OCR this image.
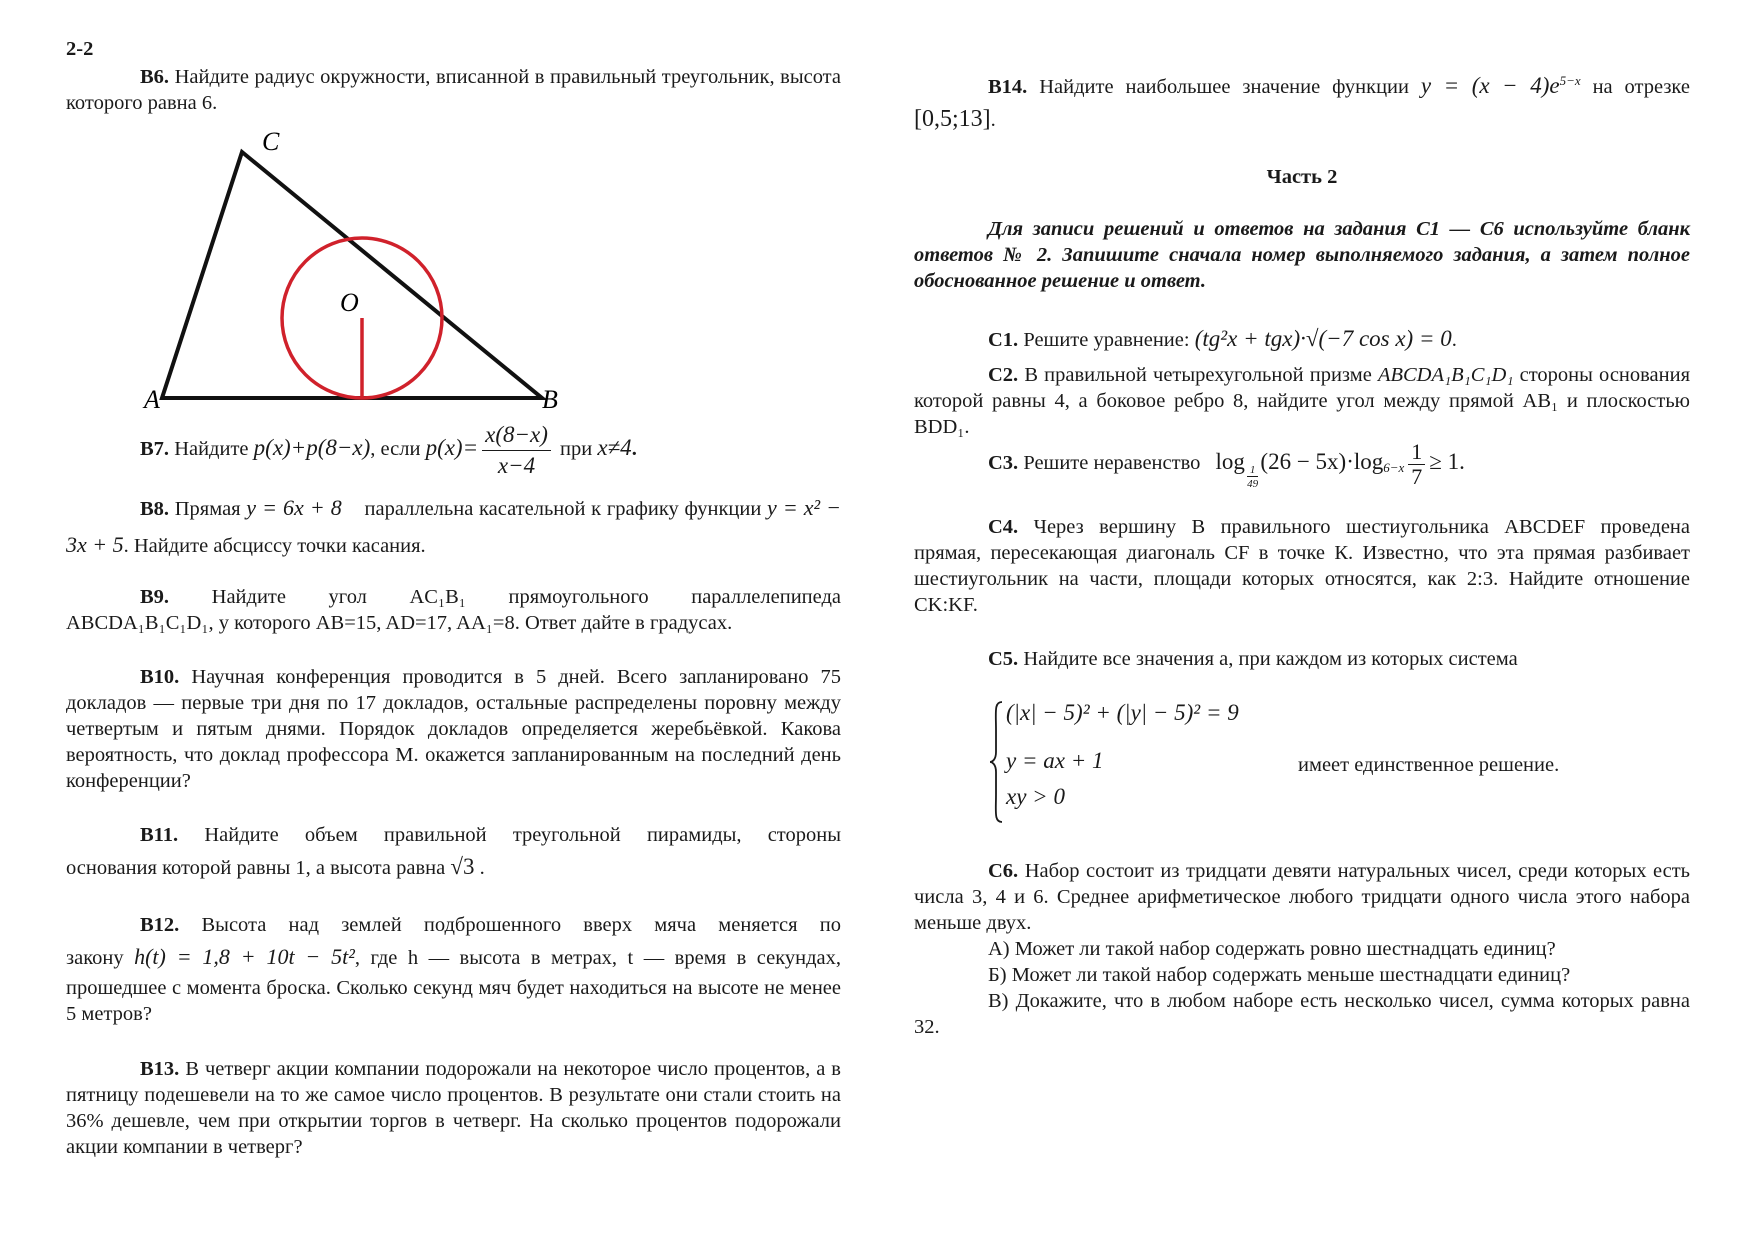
2-2

B6. Найдите радиус окружности, вписанной в правильный треугольник, высота которого равна 6.

C
O
A	B
B7. Найдите p(x)+p(8−x), если $p(x)= \frac{x(8-x)}{x-4}$ при x≠4.

B8. Прямая y = 6x + 8 параллельна касательной к графику функции y = x² − 3x + 5. Найдите абсциссу точки касания.

B9. Найдите угол AC₁B₁ прямоугольного параллелепипеда

ABCDA₁B₁C₁D₁, у которого AB=15, AD=17, AA₁=8. Ответ дайте в градусах.

B10. Научная конференция проводится в 5 дней. Всего запланировано 75 докладов — первые три дня по 17 докладов, остальные распределены поровну между четвертым и пятым днями. Порядок докладов определяется жеребьёвкой. Какова вероятность, что доклад профессора М. окажется запланированным на последний день конференции?

B11. Найдите объем правильной треугольной пирамиды, стороны

основания которой равны 1, а высота равна √3 .

B12. Высота над землей подброшенного вверх мяча меняется по

закону h(t) = 1,8 + 10t − 5t², где h — высота в метрах, t — время в секундах,

прошедшее с момента броска. Сколько секунд мяч будет находиться на высоте не менее 5 метров?

B13. В четверг акции компании подорожали на некоторое число процентов, а в пятницу подешевели на то же самое число процентов. В результате они стали стоить на 36% дешевле, чем при открытии торгов в четверг. На сколько процентов подорожали акции компании в четверг?

B14. Найдите наибольшее значение функции $y = (x - 4)e^{5-x}$ на отрезке

[0,5;13].

Часть 2

Для записи решений и ответов на задания С1 — С6 используйте бланк ответов № 2. Запишите сначала номер выполняемого задания, а затем полное обоснованное решение и ответ.

С1. Решите уравнение: (tg²x + tgx)·√(−7 cos x) = 0.

С2. В правильной четырехугольной призме ABCDA₁B₁C₁D₁ стороны основания которой равны 4, а боковое ребро 8, найдите угол между прямой AB₁ и плоскостью BDD₁.

С3. Решите неравенство log
$\frac{1}{49}$
$(26 - 5x)\cdot\log_{6-x} \frac{1}{7} \ge 1$.

С4. Через вершину В правильного шестиугольника ABCDEF проведена прямая, пересекающая диагональ CF в точке К. Известно, что эта прямая разбивает шестиугольник на части, площади которых относятся, как 2:3. Найдите отношение CK:KF.

С5. Найдите все значения a, при каждом из которых система
(|x| − 5)² + (|y| − 5)² = 9
y = ax + 1
xy > 0
имеет единственное решение.

С6. Набор состоит из тридцати девяти натуральных чисел, среди которых есть числа 3, 4 и 6. Среднее арифметическое любого тридцати одного числа этого набора меньше двух.

А) Может ли такой набор содержать ровно шестнадцать единиц?

Б) Может ли такой набор содержать меньше шестнадцати единиц?

В) Докажите, что в любом наборе есть несколько чисел, сумма которых равна 32.
